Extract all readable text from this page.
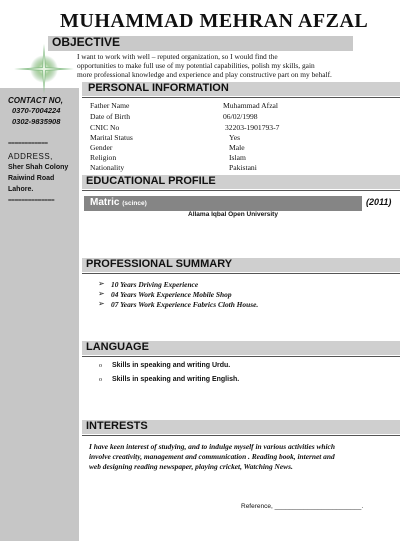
MUHAMMAD MEHRAN AFZAL
OBJECTIVE
I want to work with well – reputed organization, so I would find the
opportunities to make full use of my potential capabilities, polish my skills, gain
more professional knowledge and experience and play constructive part on my behalf.
CONTACT NO,
0370-7004224
0302-9835908
============
ADDRESS,
Sher Shah Colony
Raiwind Road
Lahore.
==============
PERSONAL INFORMATION
Father Name	Muhammad Afzal
Date of Birth	06/02/1998
CNIC No	32203-1901793-7
Marital Status	Yes
Gender	Male
Religion	Islam
Nationality	Pakistani
EDUCATIONAL PROFILE
Matric (scince)	(2011)
Allama Iqbal Open University
PROFESSIONAL SUMMARY
➢ 10 Years Driving Experience
➢ 04 Years Work Experience Mobile Shop
➢ 07 Years Work Experience Fabrics Cloth House.
LANGUAGE
o Skills in speaking and writing Urdu.
o Skills in speaking and writing English.
INTERESTS
I have keen interest of studying, and to indulge myself in various activities which
involve creativity, management and communication . Reading book, internet and
web designing reading newspaper, playing cricket, Watching News.
Reference, ________________________.
